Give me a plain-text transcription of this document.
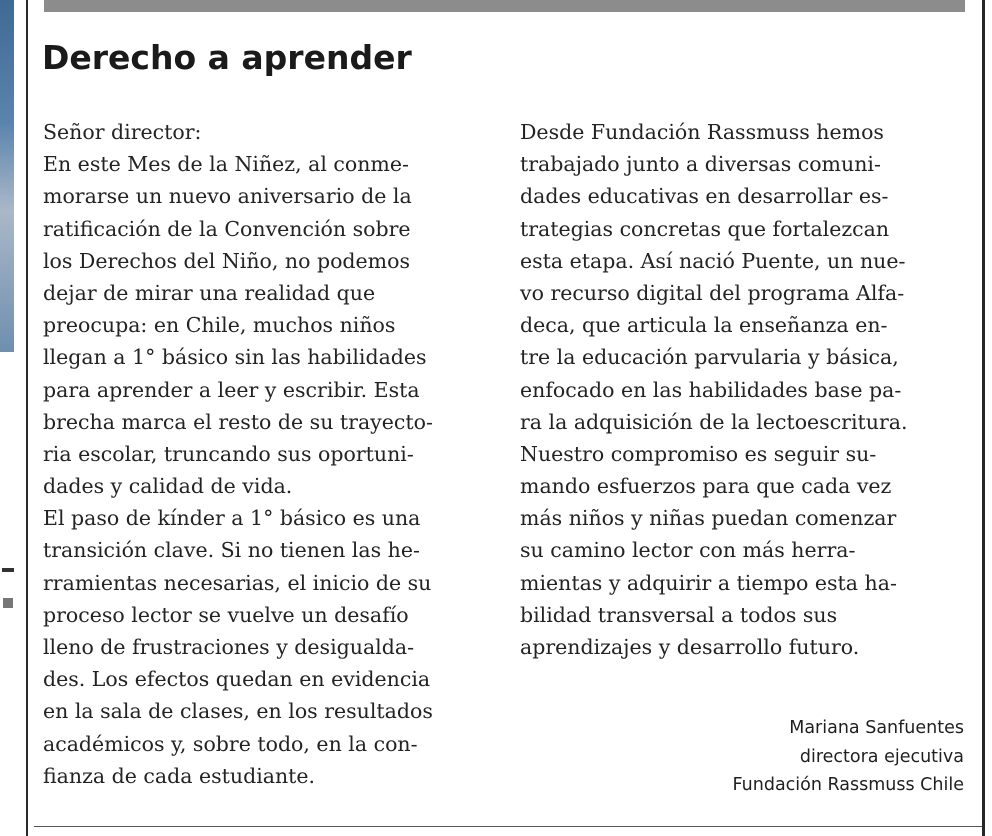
Derecho a aprender
Señor director:
En este Mes de la Niñez, al conme-
morarse un nuevo aniversario de la
ratificación de la Convención sobre
los Derechos del Niño, no podemos
dejar de mirar una realidad que
preocupa: en Chile, muchos niños
llegan a 1° básico sin las habilidades
para aprender a leer y escribir. Esta
brecha marca el resto de su trayecto-
ria escolar, truncando sus oportuni-
dades y calidad de vida.
El paso de kínder a 1° básico es una
transición clave. Si no tienen las he-
rramientas necesarias, el inicio de su
proceso lector se vuelve un desafío
lleno de frustraciones y desigualda-
des. Los efectos quedan en evidencia
en la sala de clases, en los resultados
académicos y, sobre todo, en la con-
fianza de cada estudiante.
Desde Fundación Rassmuss hemos
trabajado junto a diversas comuni-
dades educativas en desarrollar es-
trategias concretas que fortalezcan
esta etapa. Así nació Puente, un nue-
vo recurso digital del programa Alfa-
deca, que articula la enseñanza en-
tre la educación parvularia y básica,
enfocado en las habilidades base pa-
ra la adquisición de la lectoescritura.
Nuestro compromiso es seguir su-
mando esfuerzos para que cada vez
más niños y niñas puedan comenzar
su camino lector con más herra-
mientas y adquirir a tiempo esta ha-
bilidad transversal a todos sus
aprendizajes y desarrollo futuro.
Mariana Sanfuentes
directora ejecutiva
Fundación Rassmuss Chile
